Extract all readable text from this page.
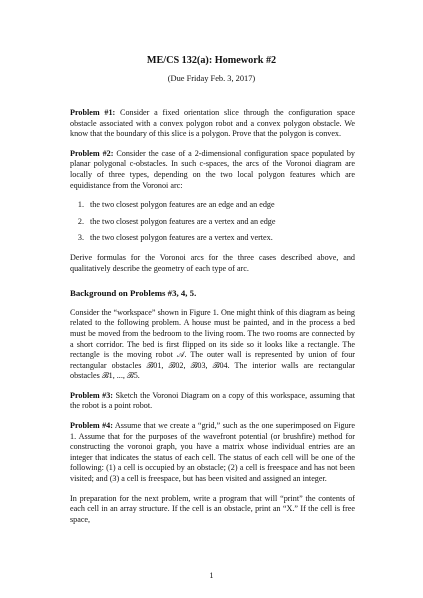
ME/CS 132(a): Homework #2
(Due Friday Feb. 3, 2017)

Problem #1: Consider a fixed orientation slice through the configuration space obstacle associated with a convex polygon robot and a convex polygon obstacle. We know that the boundary of this slice is a polygon. Prove that the polygon is convex.

Problem #2: Consider the case of a 2-dimensional configuration space populated by planar polygonal c-obstacles. In such c-spaces, the arcs of the Voronoi diagram are locally of three types, depending on the two local polygon features which are equidistance from the Voronoi arc:

1. the two closest polygon features are an edge and an edge
2. the two closest polygon features are a vertex and an edge
3. the two closest polygon features are a vertex and vertex.

Derive formulas for the Voronoi arcs for the three cases described above, and qualitatively describe the geometry of each type of arc.

Background on Problems #3, 4, 5.

Consider the “workspace” shown in Figure 1. One might think of this diagram as being related to the following problem. A house must be painted, and in the process a bed must be moved from the bedroom to the living room. The two rooms are connected by a short corridor. The bed is first flipped on its side so it looks like a rectangle. The rectangle is the moving robot 𝒜. The outer wall is represented by union of four rectangular obstacles ℬ01, ℬ02, ℬ03, ℬ04. The interior walls are rectangular obstacles ℬ1, ..., ℬ5.

Problem #3: Sketch the Voronoi Diagram on a copy of this workspace, assuming that the robot is a point robot.

Problem #4: Assume that we create a “grid,” such as the one superimposed on Figure 1. Assume that for the purposes of the wavefront potential (or brushfire) method for constructing the voronoi graph, you have a matrix whose individual entries are an integer that indicates the status of each cell. The status of each cell will be one of the following: (1) a cell is occupied by an obstacle; (2) a cell is freespace and has not been visited; and (3) a cell is freespace, but has been visited and assigned an integer.

In preparation for the next problem, write a program that will “print” the contents of each cell in an array structure. If the cell is an obstacle, print an “X.” If the cell is free space,

1
